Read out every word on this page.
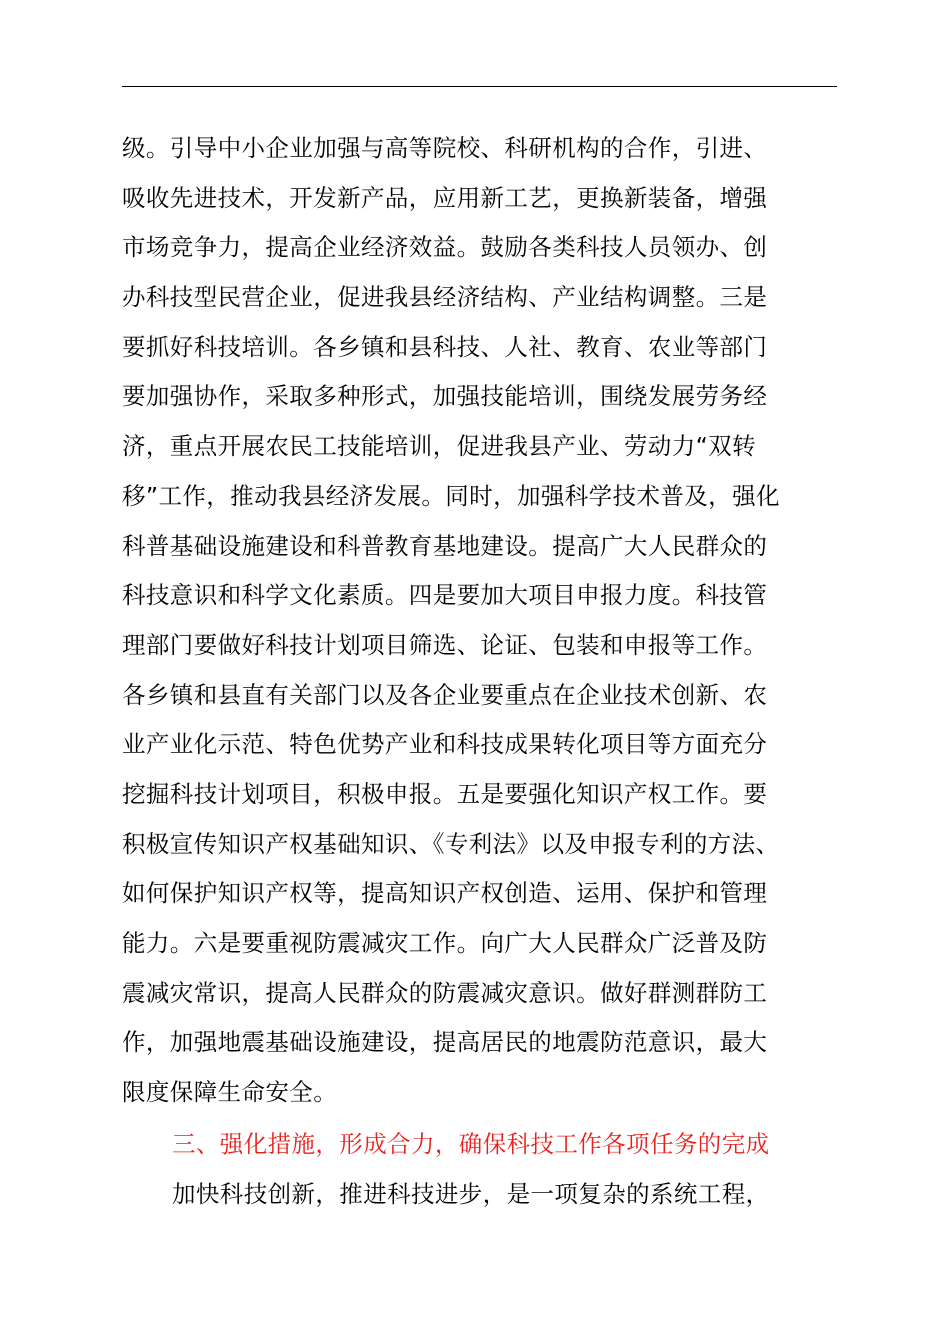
级。引导中小企业加强与高等院校、科研机构的合作，引进、
吸收先进技术，开发新产品，应用新工艺，更换新装备，增强
市场竞争力，提高企业经济效益。鼓励各类科技人员领办、创
办科技型民营企业，促进我县经济结构、产业结构调整。三是
要抓好科技培训。各乡镇和县科技、人社、教育、农业等部门
要加强协作，采取多种形式，加强技能培训，围绕发展劳务经
济，重点开展农民工技能培训，促进我县产业、劳动力“双转
移”工作，推动我县经济发展。同时，加强科学技术普及，强化
科普基础设施建设和科普教育基地建设。提高广大人民群众的
科技意识和科学文化素质。四是要加大项目申报力度。科技管
理部门要做好科技计划项目筛选、论证、包装和申报等工作。
各乡镇和县直有关部门以及各企业要重点在企业技术创新、农
业产业化示范、特色优势产业和科技成果转化项目等方面充分
挖掘科技计划项目，积极申报。五是要强化知识产权工作。要
积极宣传知识产权基础知识、《专利法》以及申报专利的方法、
如何保护知识产权等，提高知识产权创造、运用、保护和管理
能力。六是要重视防震减灾工作。向广大人民群众广泛普及防
震减灾常识，提高人民群众的防震减灾意识。做好群测群防工
作，加强地震基础设施建设，提高居民的地震防范意识，最大
限度保障生命安全。
三、强化措施，形成合力，确保科技工作各项任务的完成
加快科技创新，推进科技进步，是一项复杂的系统工程，
